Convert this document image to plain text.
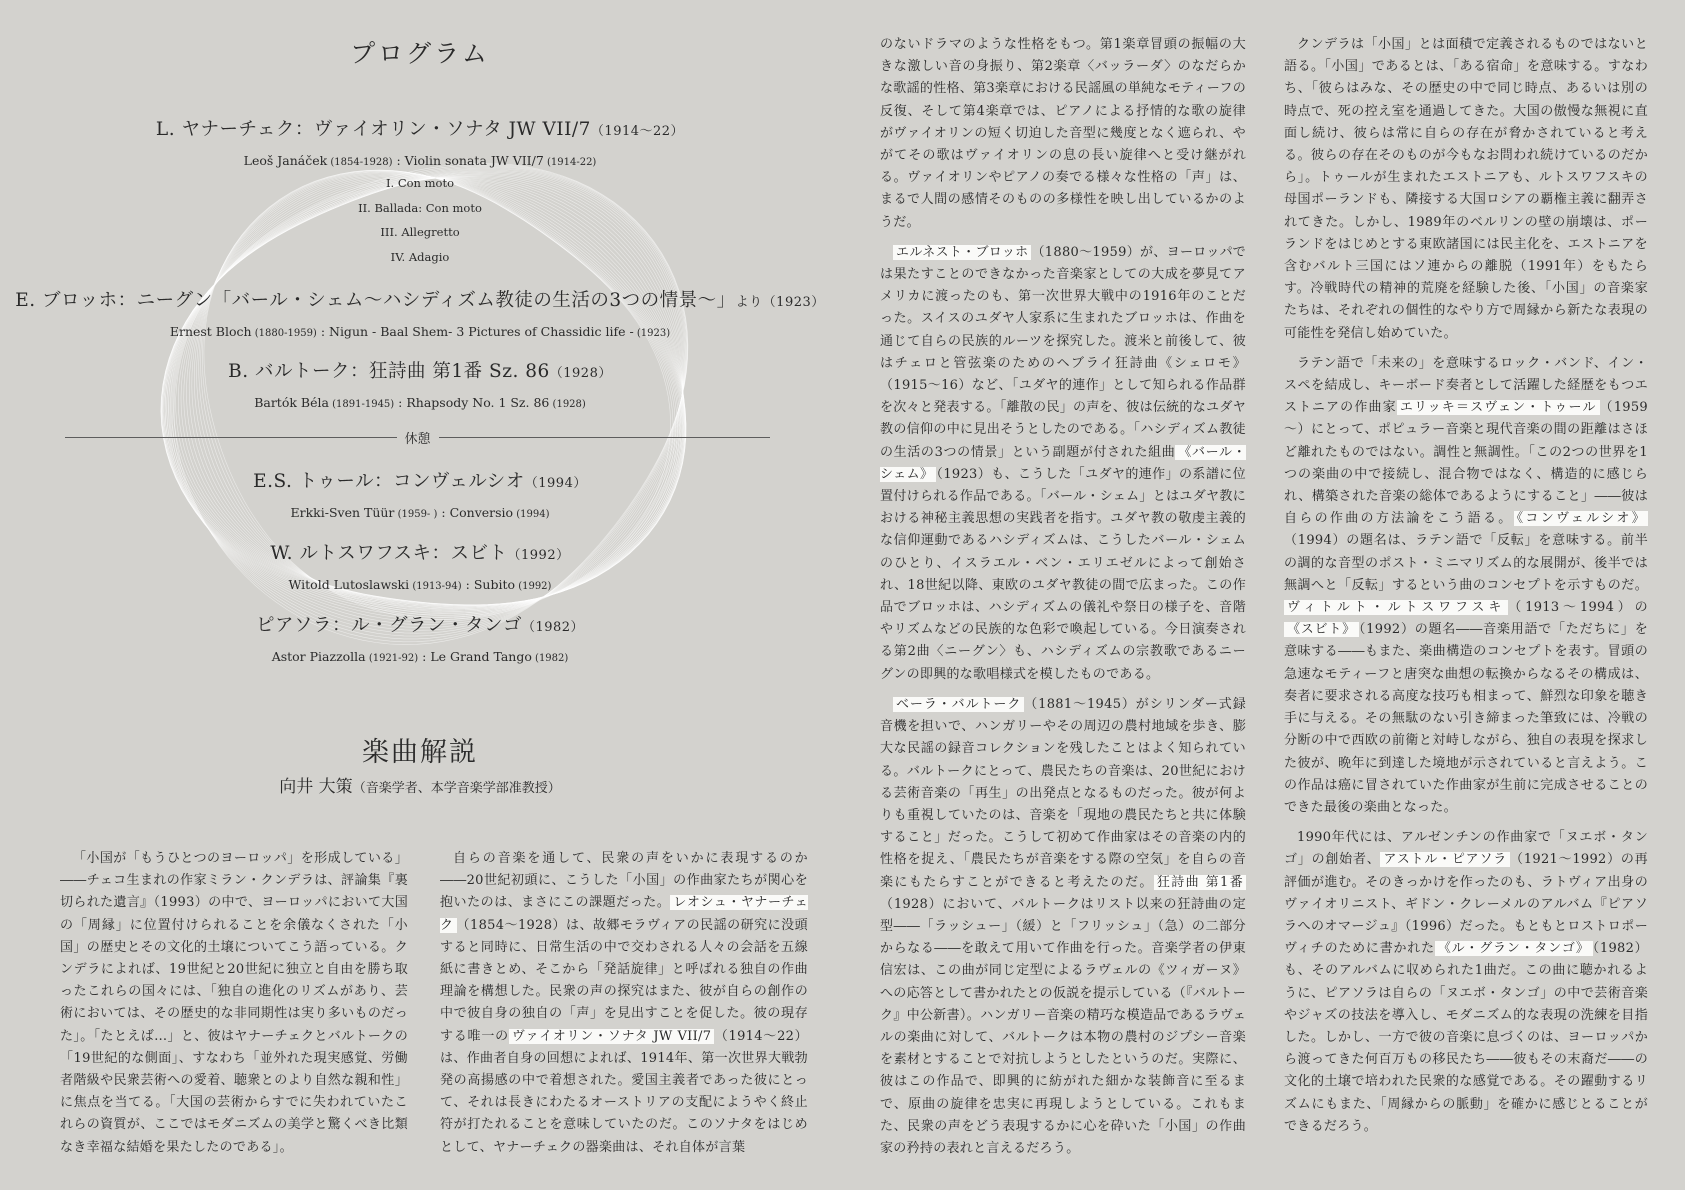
プログラム
L. ヤナーチェク：ヴァイオリン・ソナタ JW VII/7（1914～22）
Leoš Janáček (1854-1928) : Violin sonata JW VII/7 (1914-22)
I. Con moto
II. Ballada: Con moto
III. Allegretto
IV. Adagio
E. ブロッホ：ニーグン「バール・シェム～ハシディズム教徒の生活の3つの情景～」より（1923）
Ernest Bloch (1880-1959) : Nigun - Baal Shem- 3 Pictures of Chassidic life - (1923)
B. バルトーク：狂詩曲 第1番 Sz. 86（1928）
Bartók Béla (1891-1945) : Rhapsody No. 1 Sz. 86 (1928)
休憩
E.S. トゥール：コンヴェルシオ（1994）
Erkki-Sven Tüür (1959- ) : Conversio (1994)
W. ルトスワフスキ：スビト（1992）
Witold Lutoslawski (1913-94) : Subito (1992)
ピアソラ：ル・グラン・タンゴ（1982）
Astor Piazzolla (1921-92) : Le Grand Tango (1982)
楽曲解説
向井 大策（音楽学者、本学音楽学部准教授）

「小国が「もうひとつのヨーロッパ」を形成している」――チェコ生まれの作家ミラン・クンデラは、評論集『裏切られた遺言』（1993）の中で、ヨーロッパにおいて大国の「周縁」に位置付けられることを余儀なくされた「小国」の歴史とその文化的土壌についてこう語っている。クンデラによれば、19世紀と20世紀に独立と自由を勝ち取ったこれらの国々には、「独自の進化のリズムがあり、芸術においては、その歴史的な非同期性は実り多いものだった」。「たとえば…」と、彼はヤナーチェクとバルトークの「19世紀的な側面」、すなわち「並外れた現実感覚、労働者階級や民衆芸術への愛着、聴衆とのより自然な親和性」に焦点を当てる。「大国の芸術からすでに失われていたこれらの資質が、ここではモダニズムの美学と驚くべき比類なき幸福な結婚を果たしたのである」。

自らの音楽を通して、民衆の声をいかに表現するのか――20世紀初頭に、こうした「小国」の作曲家たちが関心を抱いたのは、まさにこの課題だった。 レオシュ・ヤナーチェク （1854～1928）は、故郷モラヴィアの民謡の研究に没頭すると同時に、日常生活の中で交わされる人々の会話を五線紙に書きとめ、そこから「発話旋律」と呼ばれる独自の作曲理論を構想した。民衆の声の探究はまた、彼が自らの創作の中で彼自身の独自の「声」を見出すことを促した。彼の現存する唯一の ヴァイオリン・ソナタ JW VII/7 （1914～22）は、作曲者自身の回想によれば、1914年、第一次世界大戦勃発の高揚感の中で着想された。愛国主義者であった彼にとって、それは長きにわたるオーストリアの支配にようやく終止符が打たれることを意味していたのだ。このソナタをはじめとして、ヤナーチェクの器楽曲は、それ自体が言葉

のないドラマのような性格をもつ。第1楽章冒頭の振幅の大きな激しい音の身振り、第2楽章〈バッラーダ〉のなだらかな歌謡的性格、第3楽章における民謡風の単純なモティーフの反復、そして第4楽章では、ピアノによる抒情的な歌の旋律がヴァイオリンの短く切迫した音型に幾度となく遮られ、やがてその歌はヴァイオリンの息の長い旋律へと受け継がれる。ヴァイオリンやピアノの奏でる様々な性格の「声」は、まるで人間の感情そのものの多様性を映し出しているかのようだ。

エルネスト・ブロッホ （1880～1959）が、ヨーロッパでは果たすことのできなかった音楽家としての大成を夢見てアメリカに渡ったのも、第一次世界大戦中の1916年のことだった。スイスのユダヤ人家系に生まれたブロッホは、作曲を通じて自らの民族的ルーツを探究した。渡米と前後して、彼はチェロと管弦楽のためのヘブライ狂詩曲《シェロモ》（1915～16）など、「ユダヤ的連作」として知られる作品群を次々と発表する。「離散の民」の声を、彼は伝統的なユダヤ教の信仰の中に見出そうとしたのである。「ハシディズム教徒の生活の3つの情景」という副題が付された組曲 《バール・シェム》 （1923）も、こうした「ユダヤ的連作」の系譜に位置付けられる作品である。「バール・シェム」とはユダヤ教における神秘主義思想の実践者を指す。ユダヤ教の敬虔主義的な信仰運動であるハシディズムは、こうしたバール・シェムのひとり、イスラエル・ベン・エリエゼルによって創始され、18世紀以降、東欧のユダヤ教徒の間で広まった。この作品でブロッホは、ハシディズムの儀礼や祭日の様子を、音階やリズムなどの民族的な色彩で喚起している。今日演奏される第2曲〈ニーグン〉も、ハシディズムの宗教歌であるニーグンの即興的な歌唱様式を模したものである。

ベーラ・バルトーク （1881～1945）がシリンダー式録音機を担いで、ハンガリーやその周辺の農村地域を歩き、膨大な民謡の録音コレクションを残したことはよく知られている。バルトークにとって、農民たちの音楽は、20世紀における芸術音楽の「再生」の出発点となるものだった。彼が何よりも重視していたのは、音楽を「現地の農民たちと共に体験すること」だった。こうして初めて作曲家はその音楽の内的性格を捉え、「農民たちが音楽をする際の空気」を自らの音楽にもたらすことができると考えたのだ。 狂詩曲 第1番（1928）において、バルトークはリスト以来の狂詩曲の定型――「ラッシュー」（緩）と「フリッシュ」（急）の二部分からなる――を敢えて用いて作曲を行った。音楽学者の伊東信宏は、この曲が同じ定型によるラヴェルの《ツィガーヌ》への応答として書かれたとの仮説を提示している（『バルトーク』中公新書）。ハンガリー音楽の精巧な模造品であるラヴェルの楽曲に対して、バルトークは本物の農村のジプシー音楽を素材とすることで対抗しようとしたというのだ。実際に、彼はこの作品で、即興的に紡がれた細かな装飾音に至るまで、原曲の旋律を忠実に再現しようとしている。これもまた、民衆の声をどう表現するかに心を砕いた「小国」の作曲家の矜持の表れと言えるだろう。

クンデラは「小国」とは面積で定義されるものではないと語る。「小国」であるとは、「ある宿命」を意味する。すなわち、「彼らはみな、その歴史の中で同じ時点、あるいは別の時点で、死の控え室を通過してきた。大国の傲慢な無視に直面し続け、彼らは常に自らの存在が脅かされていると考える。彼らの存在そのものが今もなお問われ続けているのだから」。トゥールが生まれたエストニアも、ルトスワフスキの母国ポーランドも、隣接する大国ロシアの覇権主義に翻弄されてきた。しかし、1989年のベルリンの壁の崩壊は、ポーランドをはじめとする東欧諸国には民主化を、エストニアを含むバルト三国にはソ連からの離脱（1991年）をもたらす。冷戦時代の精神的荒廃を経験した後、「小国」の音楽家たちは、それぞれの個性的なやり方で周縁から新たな表現の可能性を発信し始めていた。

ラテン語で「未来の」を意味するロック・バンド、イン・スペを結成し、キーボード奏者として活躍した経歴をもつエストニアの作曲家 エリッキ＝スヴェン・トゥール （1959～）にとって、ポピュラー音楽と現代音楽の間の距離はさほど離れたものではない。調性と無調性。「この2つの世界を1つの楽曲の中で接続し、混合物ではなく、構造的に感じられ、構築された音楽の総体であるようにすること」――彼は自らの作曲の方法論をこう語る。 《コンヴェルシオ》（1994）の題名は、ラテン語で「反転」を意味する。前半の調的な音型のポスト・ミニマリズム的な展開が、後半では無調へと「反転」するという曲のコンセプトを示すものだ。ヴィトルト・ルトスワフスキ （1913～1994）の《スビト》 （1992）の題名――音楽用語で「ただちに」を意味する――もまた、楽曲構造のコンセプトを表す。冒頭の急速なモティーフと唐突な曲想の転換からなるその構成は、奏者に要求される高度な技巧も相まって、鮮烈な印象を聴き手に与える。その無駄のない引き締まった筆致には、冷戦の分断の中で西欧の前衛と対峙しながら、独自の表現を探求した彼が、晩年に到達した境地が示されていると言えよう。この作品は癌に冒されていた作曲家が生前に完成させることのできた最後の楽曲となった。

1990年代には、アルゼンチンの作曲家で「ヌエボ・タンゴ」の創始者、 アストル・ピアソラ （1921～1992）の再評価が進む。そのきっかけを作ったのも、ラトヴィア出身のヴァイオリニスト、ギドン・クレーメルのアルバム『ピアソラへのオマージュ』（1996）だった。もともとロストロポーヴィチのために書かれた 《ル・グラン・タンゴ》 （1982）も、そのアルバムに収められた1曲だ。この曲に聴かれるように、ピアソラは自らの「ヌエボ・タンゴ」の中で芸術音楽やジャズの技法を導入し、モダニズム的な表現の洗練を目指した。しかし、一方で彼の音楽に息づくのは、ヨーロッパから渡ってきた何百万もの移民たち――彼もその末裔だ――の文化的土壌で培われた民衆的な感覚である。その躍動するリズムにもまた、「周縁からの脈動」を確かに感じとることができるだろう。
